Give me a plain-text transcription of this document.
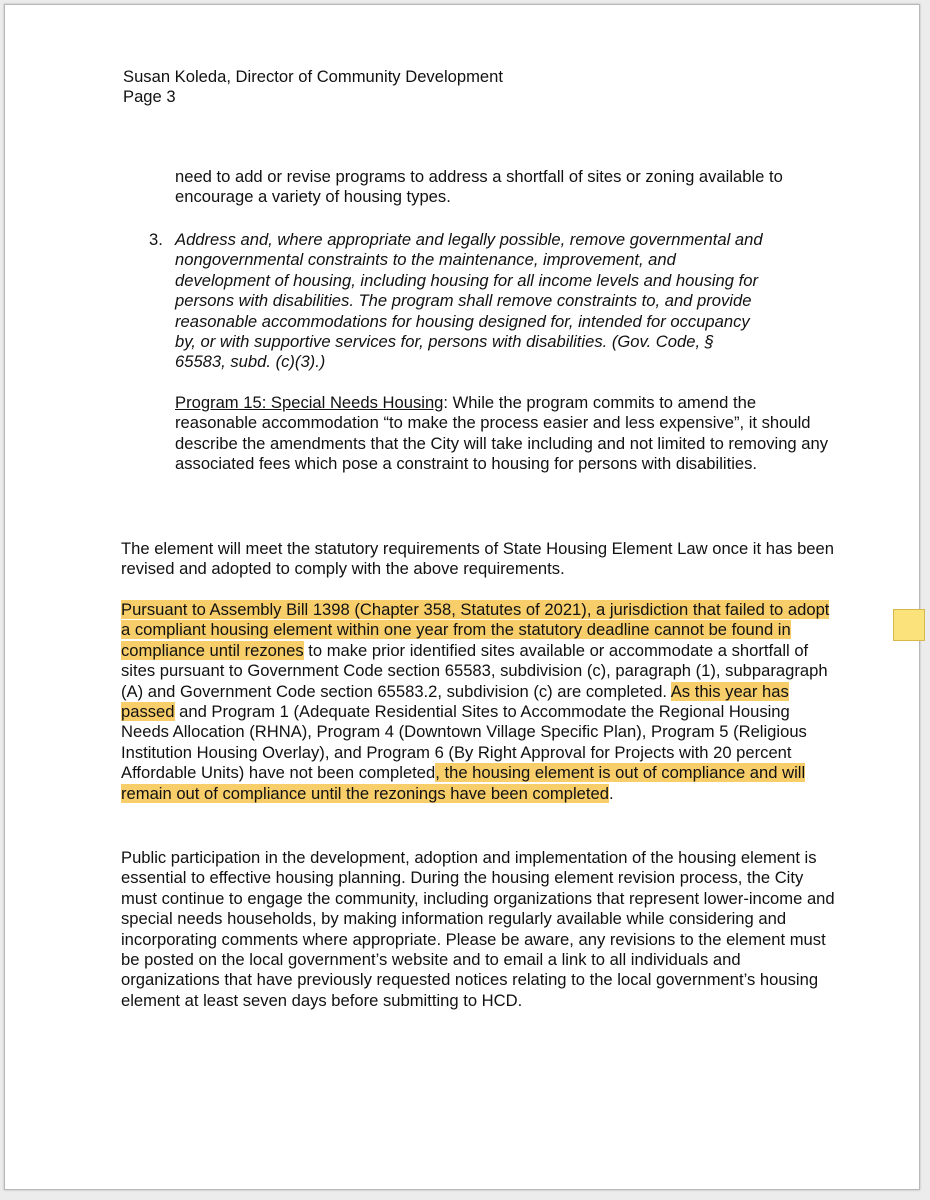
Susan Koleda, Director of Community Development
Page 3
need to add or revise programs to address a shortfall of sites or zoning available to encourage a variety of housing types.
3. Address and, where appropriate and legally possible, remove governmental and
nongovernmental constraints to the maintenance, improvement, and
development of housing, including housing for all income levels and housing for
persons with disabilities. The program shall remove constraints to, and provide
reasonable accommodations for housing designed for, intended for occupancy
by, or with supportive services for, persons with disabilities. (Gov. Code, §
65583, subd. (c)(3).)
Program 15: Special Needs Housing: While the program commits to amend the reasonable accommodation “to make the process easier and less expensive”, it should describe the amendments that the City will take including and not limited to removing any associated fees which pose a constraint to housing for persons with disabilities.
The element will meet the statutory requirements of State Housing Element Law once it has been revised and adopted to comply with the above requirements.
Pursuant to Assembly Bill 1398 (Chapter 358, Statutes of 2021), a jurisdiction that failed to adopt a compliant housing element within one year from the statutory deadline cannot be found in compliance until rezones to make prior identified sites available or accommodate a shortfall of sites pursuant to Government Code section 65583, subdivision (c), paragraph (1), subparagraph (A) and Government Code section 65583.2, subdivision (c) are completed. As this year has passed and Program 1 (Adequate Residential Sites to Accommodate the Regional Housing Needs Allocation (RHNA), Program 4 (Downtown Village Specific Plan), Program 5 (Religious Institution Housing Overlay), and Program 6 (By Right Approval for Projects with 20 percent Affordable Units) have not been completed, the housing element is out of compliance and will remain out of compliance until the rezonings have been completed.
Public participation in the development, adoption and implementation of the housing element is essential to effective housing planning. During the housing element revision process, the City must continue to engage the community, including organizations that represent lower-income and special needs households, by making information regularly available while considering and incorporating comments where appropriate. Please be aware, any revisions to the element must be posted on the local government’s website and to email a link to all individuals and organizations that have previously requested notices relating to the local government’s housing element at least seven days before submitting to HCD.
